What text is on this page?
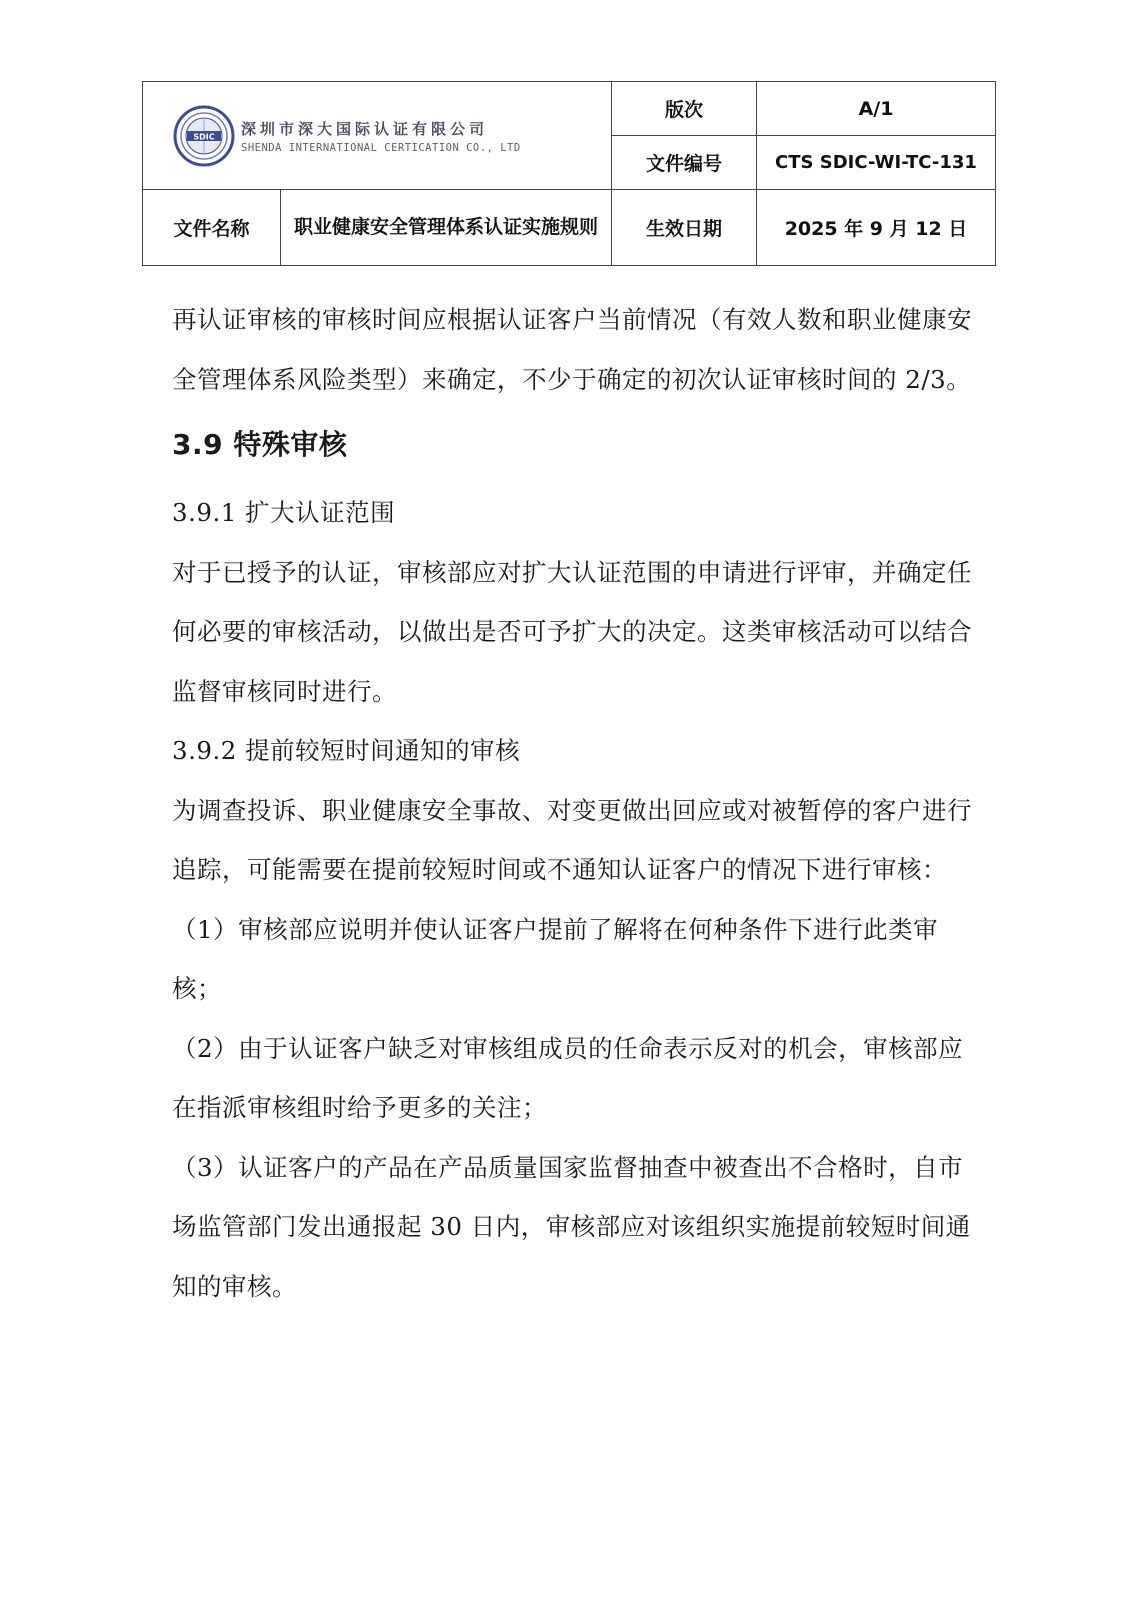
SDIC 深圳市深大国际认证有限公司
SHENDA INTERNATIONAL CERTICATION CO., LTD		版次	A/1
		文件编号	CTS SDIC-WI-TC-131
文件名称	职业健康安全管理体系认证实施规则	生效日期	2025 年 9 月 12 日

再认证审核的审核时间应根据认证客户当前情况（有效人数和职业健康安全管理体系风险类型）来确定，不少于确定的初次认证审核时间的 2/3。

3.9 特殊审核

3.9.1 扩大认证范围

对于已授予的认证，审核部应对扩大认证范围的申请进行评审，并确定任何必要的审核活动，以做出是否可予扩大的决定。这类审核活动可以结合监督审核同时进行。

3.9.2 提前较短时间通知的审核

为调查投诉、职业健康安全事故、对变更做出回应或对被暂停的客户进行追踪，可能需要在提前较短时间或不通知认证客户的情况下进行审核：

（1）审核部应说明并使认证客户提前了解将在何种条件下进行此类审核；

（2）由于认证客户缺乏对审核组成员的任命表示反对的机会，审核部应在指派审核组时给予更多的关注；

（3）认证客户的产品在产品质量国家监督抽查中被查出不合格时，自市场监管部门发出通报起 30 日内，审核部应对该组织实施提前较短时间通知的审核。
